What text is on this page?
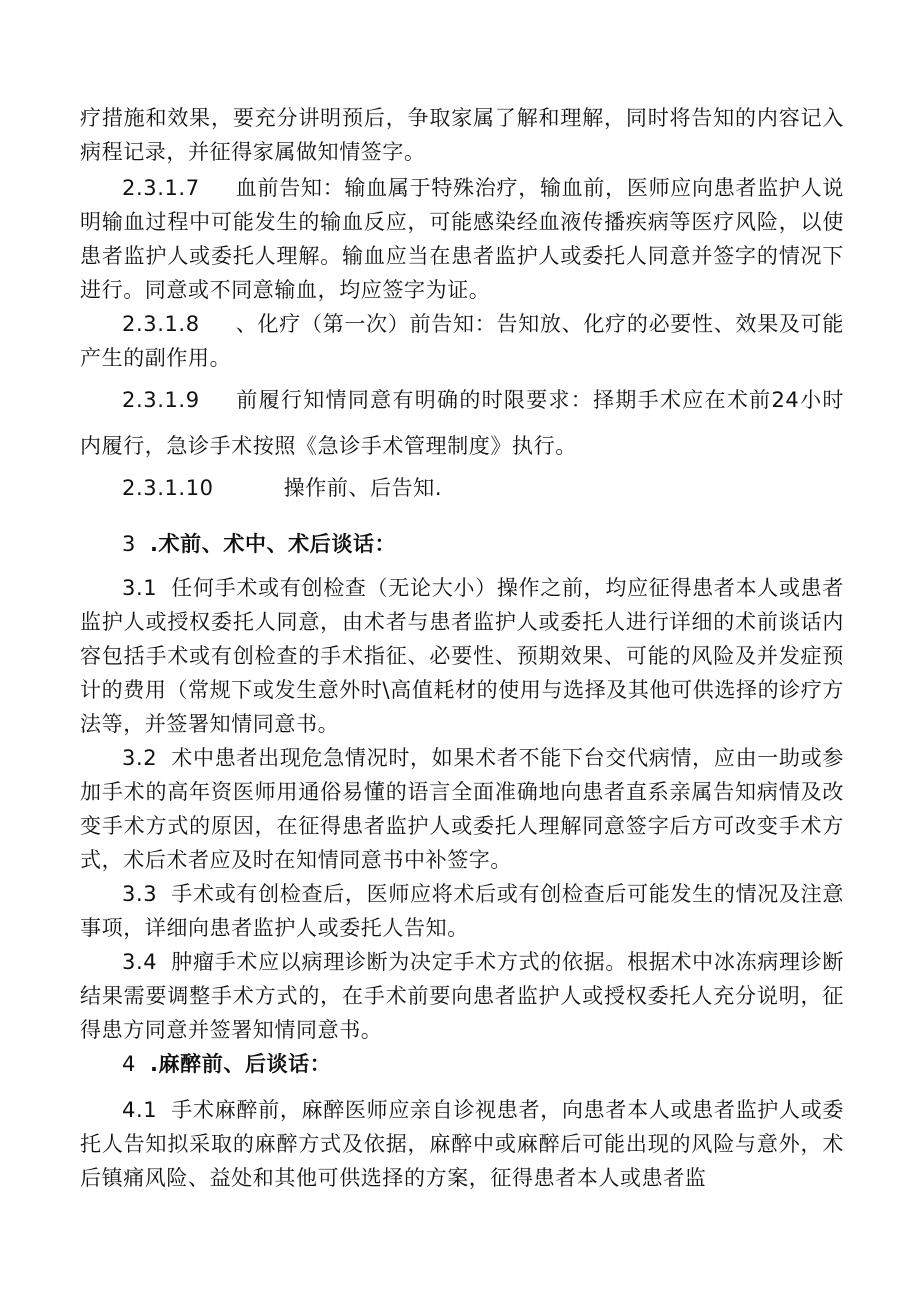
疗措施和效果，要充分讲明预后，争取家属了解和理解，同时将告知的内容记入病程记录，并征得家属做知情签字。

2.3.1.7 血前告知：输血属于特殊治疗，输血前，医师应向患者监护人说明输血过程中可能发生的输血反应，可能感染经血液传播疾病等医疗风险，以使患者监护人或委托人理解。输血应当在患者监护人或委托人同意并签字的情况下进行。同意或不同意输血，均应签字为证。

2.3.1.8 、化疗（第一次）前告知：告知放、化疗的必要性、效果及可能产生的副作用。

2.3.1.9 前履行知情同意有明确的时限要求：择期手术应在术前24小时内履行，急诊手术按照《急诊手术管理制度》执行。

2.3.1.10	操作前、后告知.

3 .术前、术中、术后谈话：

3.1 任何手术或有创检查（无论大小）操作之前，均应征得患者本人或患者监护人或授权委托人同意，由术者与患者监护人或委托人进行详细的术前谈话内容包括手术或有创检查的手术指征、必要性、预期效果、可能的风险及并发症预计的费用（常规下或发生意外时\高值耗材的使用与选择及其他可供选择的诊疗方法等，并签署知情同意书。

3.2 术中患者出现危急情况时，如果术者不能下台交代病情，应由一助或参加手术的高年资医师用通俗易懂的语言全面准确地向患者直系亲属告知病情及改变手术方式的原因，在征得患者监护人或委托人理解同意签字后方可改变手术方式，术后术者应及时在知情同意书中补签字。

3.3 手术或有创检查后，医师应将术后或有创检查后可能发生的情况及注意事项，详细向患者监护人或委托人告知。

3.4 肿瘤手术应以病理诊断为决定手术方式的依据。根据术中冰冻病理诊断结果需要调整手术方式的，在手术前要向患者监护人或授权委托人充分说明，征得患方同意并签署知情同意书。

4 .麻醉前、后谈话：

4.1 手术麻醉前，麻醉医师应亲自诊视患者，向患者本人或患者监护人或委托人告知拟采取的麻醉方式及依据，麻醉中或麻醉后可能出现的风险与意外，术后镇痛风险、益处和其他可供选择的方案，征得患者本人或患者监
